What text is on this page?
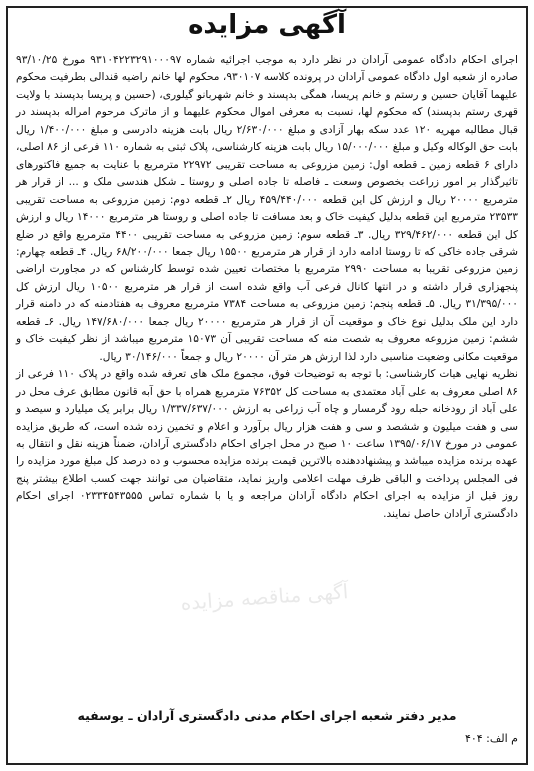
آگهی مزایده

اجرای احکام دادگاه عمومی آرادان در نظر دارد به موجب اجرائیه شماره ۹۳۱۰۴۲۲۳۲۹۱۰۰۰۹۷ مورخ ۹۳/۱۰/۲۵ صادره از شعبه اول دادگاه عمومی آرادان در پرونده کلاسه ۹۳۰۱۰۷، محکوم لها خانم راضیه قندالی بطرفیت محکوم علیهما آقایان حسین و رستم و خانم پریسا، همگی بدپسند و خانم شهربانو گیلوری، (حسین و پریسا بدپسند با ولایت قهری رستم بدپسند) که محکوم لها، نسبت به معرفی اموال محکوم علیهما و از ماترک مرحوم امراله بدپسند در قبال مطالبه مهریه ۱۲۰ عدد سکه بهار آزادی و مبلغ ۲/۶۳۰/۰۰۰ ریال بابت هزینه دادرسی و مبلغ ۱/۴۰۰/۰۰۰ ریال بابت حق الوکاله وکیل و مبلغ ۱۵/۰۰۰/۰۰۰ ریال بابت هزینه کارشناسی، پلاک ثبتی به شماره ۱۱۰ فرعی از ۸۶ اصلی، دارای ۶ قطعه زمین ـ قطعه اول: زمین مزروعی به مساحت تقریبی ۲۲۹۷۲ مترمربع با عنایت به جمیع فاکتورهای تاثیرگذار بر امور زراعت بخصوص وسعت ـ فاصله تا جاده اصلی و روستا ـ شکل هندسی ملک و ... از قرار هر مترمربع ۲۰۰۰۰ ریال و ارزش کل این قطعه ۴۵۹/۴۴۰/۰۰۰ ریال ۲ـ قطعه دوم: زمین مزروعی به مساحت تقریبی ۲۳۵۳۳ مترمربع این قطعه بدلیل کیفیت خاک و بعد مسافت تا جاده اصلی و روستا هر مترمربع ۱۴۰۰۰ ریال و ارزش کل این قطعه ۳۲۹/۴۶۲/۰۰۰ ریال. ۳ـ قطعه سوم: زمین مزروعی به مساحت تقریبی ۴۴۰۰ مترمربع واقع در ضلع شرقی جاده خاکی که تا روستا ادامه دارد از قرار هر مترمربع ۱۵۵۰۰ ریال جمعا ۶۸/۲۰۰/۰۰۰ ریال. ۴ـ قطعه چهارم: زمین مزروعی تقریبا به مساحت ۲۹۹۰ مترمربع با مختصات تعیین شده توسط کارشناس که در مجاورت اراضی پنجهزاری قرار داشته و در انتها کانال فرعی آب واقع شده است از قرار هر مترمربع ۱۰۵۰۰ ریال ارزش کل ۳۱/۳۹۵/۰۰۰ ریال. ۵ـ قطعه پنجم: زمین مزروعی به مساحت ۷۳۸۴ مترمربع معروف به هفتادمنه که در دامنه قرار دارد این ملک بدلیل نوع خاک و موقعیت آن از قرار هر مترمربع ۲۰۰۰۰ ریال جمعا ۱۴۷/۶۸۰/۰۰۰ ریال. ۶ـ قطعه ششم: زمین مزروعه معروف به شصت منه که مساحت تقریبی آن ۱۵۰۷۳ مترمربع میباشد از نظر کیفیت خاک و موقعیت مکانی وضعیت مناسبی دارد لذا ارزش هر متر آن ۲۰۰۰۰ ریال و جمعاً ۳۰/۱۴۶/۰۰۰ ریال.

نظریه نهایی هیات کارشناسی: با توجه به توضیحات فوق، مجموع ملک های تعرفه شده واقع در پلاک ۱۱۰ فرعی از ۸۶ اصلی معروف به علی آباد معتمدی به مساحت کل ۷۶۳۵۲ مترمربع همراه با حق آبه قانون مطابق عرف محل در علی آباد از رودخانه حبله رود گرمسار و چاه آب زراعی به ارزش ۱/۳۳۷/۶۳۷/۰۰۰ ریال برابر یک میلیارد و سیصد و سی و هفت میلیون و ششصد و سی و هفت هزار ریال برآورد و اعلام و تخمین زده شده است، که طریق مزایده عمومی در مورخ ۱۳۹۵/۰۶/۱۷ ساعت ۱۰ صبح در محل اجرای احکام دادگستری آرادان، ضمناً هزینه نقل و انتقال به عهده برنده مزایده میباشد و پیشنهاددهنده بالاترین قیمت برنده مزایده محسوب و ده درصد کل مبلغ مورد مزایده را فی المجلس پرداخت و الباقی ظرف مهلت اعلامی واریز نماید، متقاضیان می توانند جهت کسب اطلاع بیشتر پنج روز قبل از مزایده به اجرای احکام دادگاه آرادان مراجعه و یا با شماره تماس ۰۲۳۳۴۵۴۳۵۵۵ اجرای احکام دادگستری آرادان حاصل نمایند.

آگهی مناقصه مزایده
مدیر دفتر شعبه اجرای احکام مدنی دادگستری آرادان ـ یوسفیه
م الف: ۴۰۴
